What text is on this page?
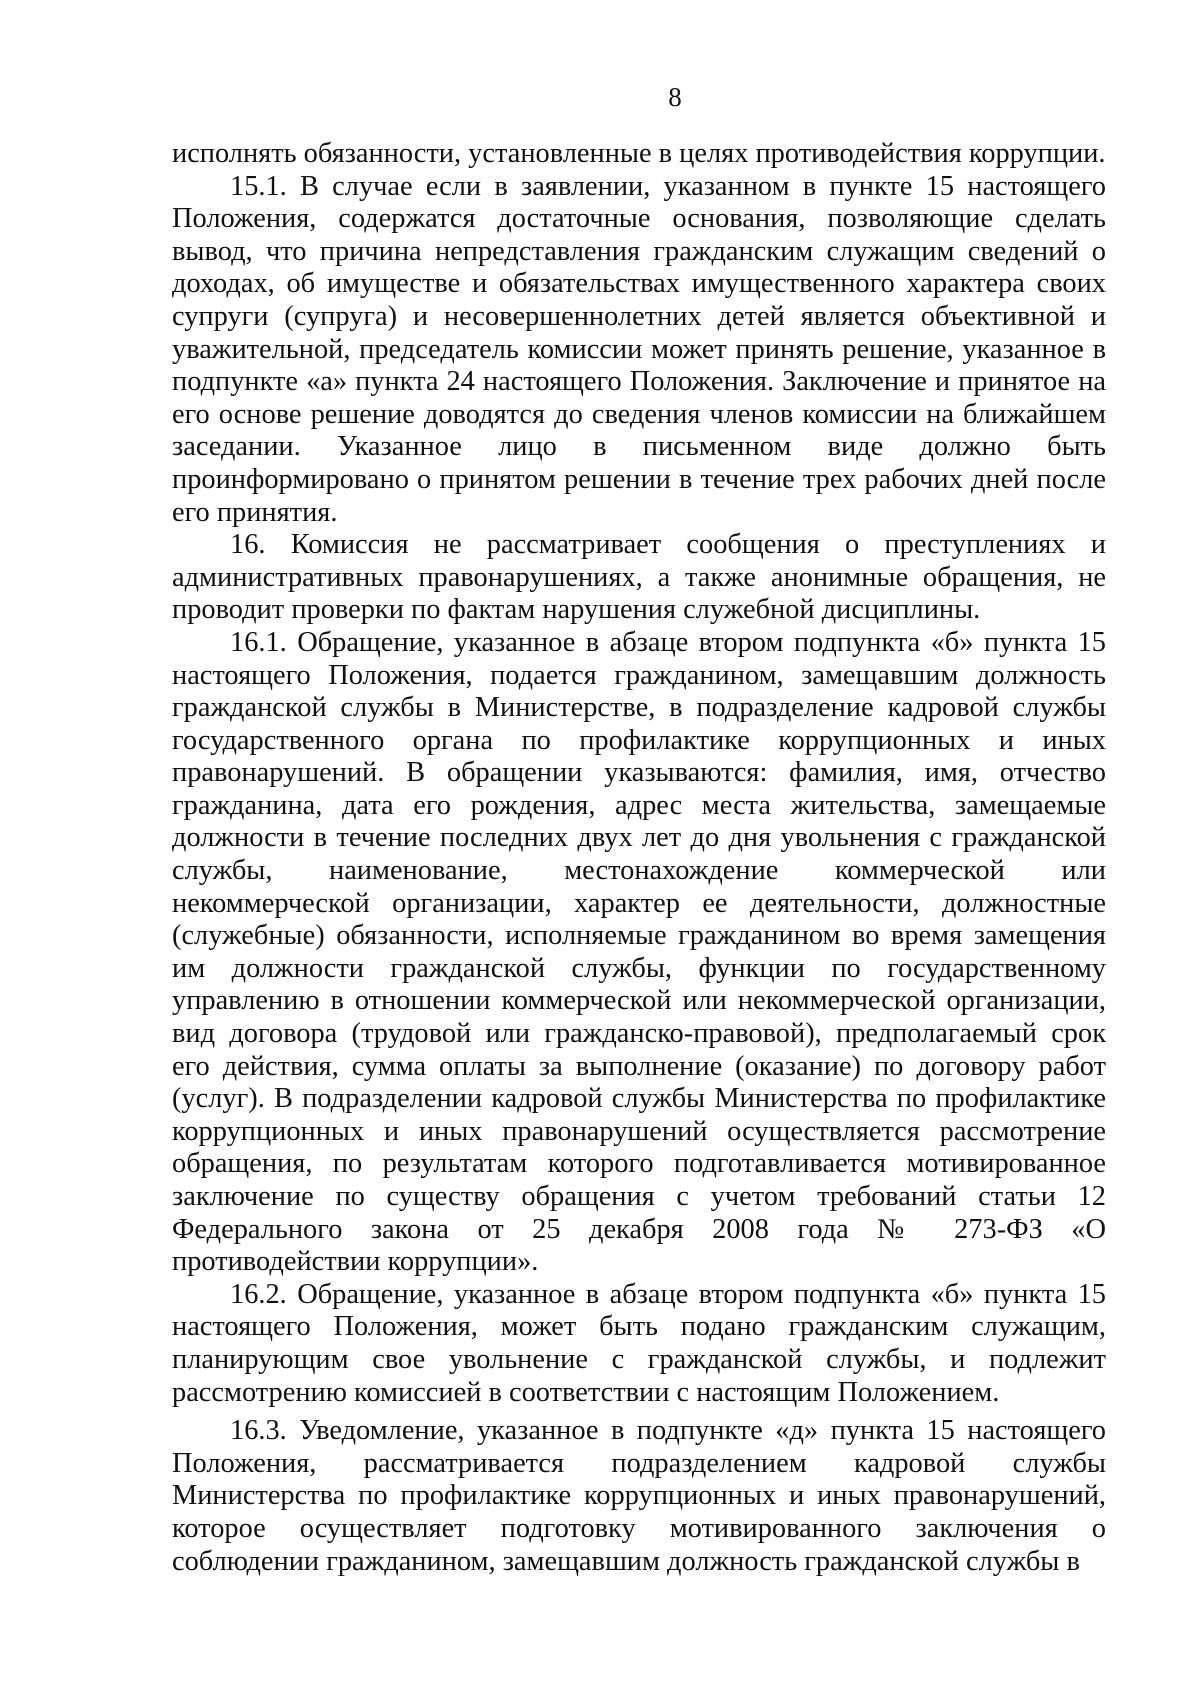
8

исполнять обязанности, установленные в целях противодействия коррупции.

15.1. В случае если в заявлении, указанном в пункте 15 настоящего Положения, содержатся достаточные основания, позволяющие сделать вывод, что причина непредставления гражданским служащим сведений о доходах, об имуществе и обязательствах имущественного характера своих супруги (супруга) и несовершеннолетних детей является объективной и уважительной, председатель комиссии может принять решение, указанное в подпункте «а» пункта 24 настоящего Положения. Заключение и принятое на его основе решение доводятся до сведения членов комиссии на ближайшем заседании. Указанное лицо в письменном виде должно быть проинформировано о принятом решении в течение трех рабочих дней после его принятия.

16. Комиссия не рассматривает сообщения о преступлениях и административных правонарушениях, а также анонимные обращения, не проводит проверки по фактам нарушения служебной дисциплины.

16.1. Обращение, указанное в абзаце втором подпункта «б» пункта 15 настоящего Положения, подается гражданином, замещавшим должность гражданской службы в Министерстве, в подразделение кадровой службы государственного органа по профилактике коррупционных и иных правонарушений. В обращении указываются: фамилия, имя, отчество гражданина, дата его рождения, адрес места жительства, замещаемые должности в течение последних двух лет до дня увольнения с гражданской службы, наименование, местонахождение коммерческой или некоммерческой организации, характер ее деятельности, должностные (служебные) обязанности, исполняемые гражданином во время замещения им должности гражданской службы, функции по государственному управлению в отношении коммерческой или некоммерческой организации, вид договора (трудовой или гражданско-правовой), предполагаемый срок его действия, сумма оплаты за выполнение (оказание) по договору работ (услуг). В подразделении кадровой службы Министерства по профилактике коррупционных и иных правонарушений осуществляется рассмотрение обращения, по результатам которого подготавливается мотивированное заключение по существу обращения с учетом требований статьи 12 Федерального закона от 25 декабря 2008 года № 273-ФЗ «О противодействии коррупции».

16.2. Обращение, указанное в абзаце втором подпункта «б» пункта 15 настоящего Положения, может быть подано гражданским служащим, планирующим свое увольнение с гражданской службы, и подлежит рассмотрению комиссией в соответствии с настоящим Положением.

16.3. Уведомление, указанное в подпункте «д» пункта 15 настоящего Положения, рассматривается подразделением кадровой службы Министерства по профилактике коррупционных и иных правонарушений, которое осуществляет подготовку мотивированного заключения о соблюдении гражданином, замещавшим должность гражданской службы в
